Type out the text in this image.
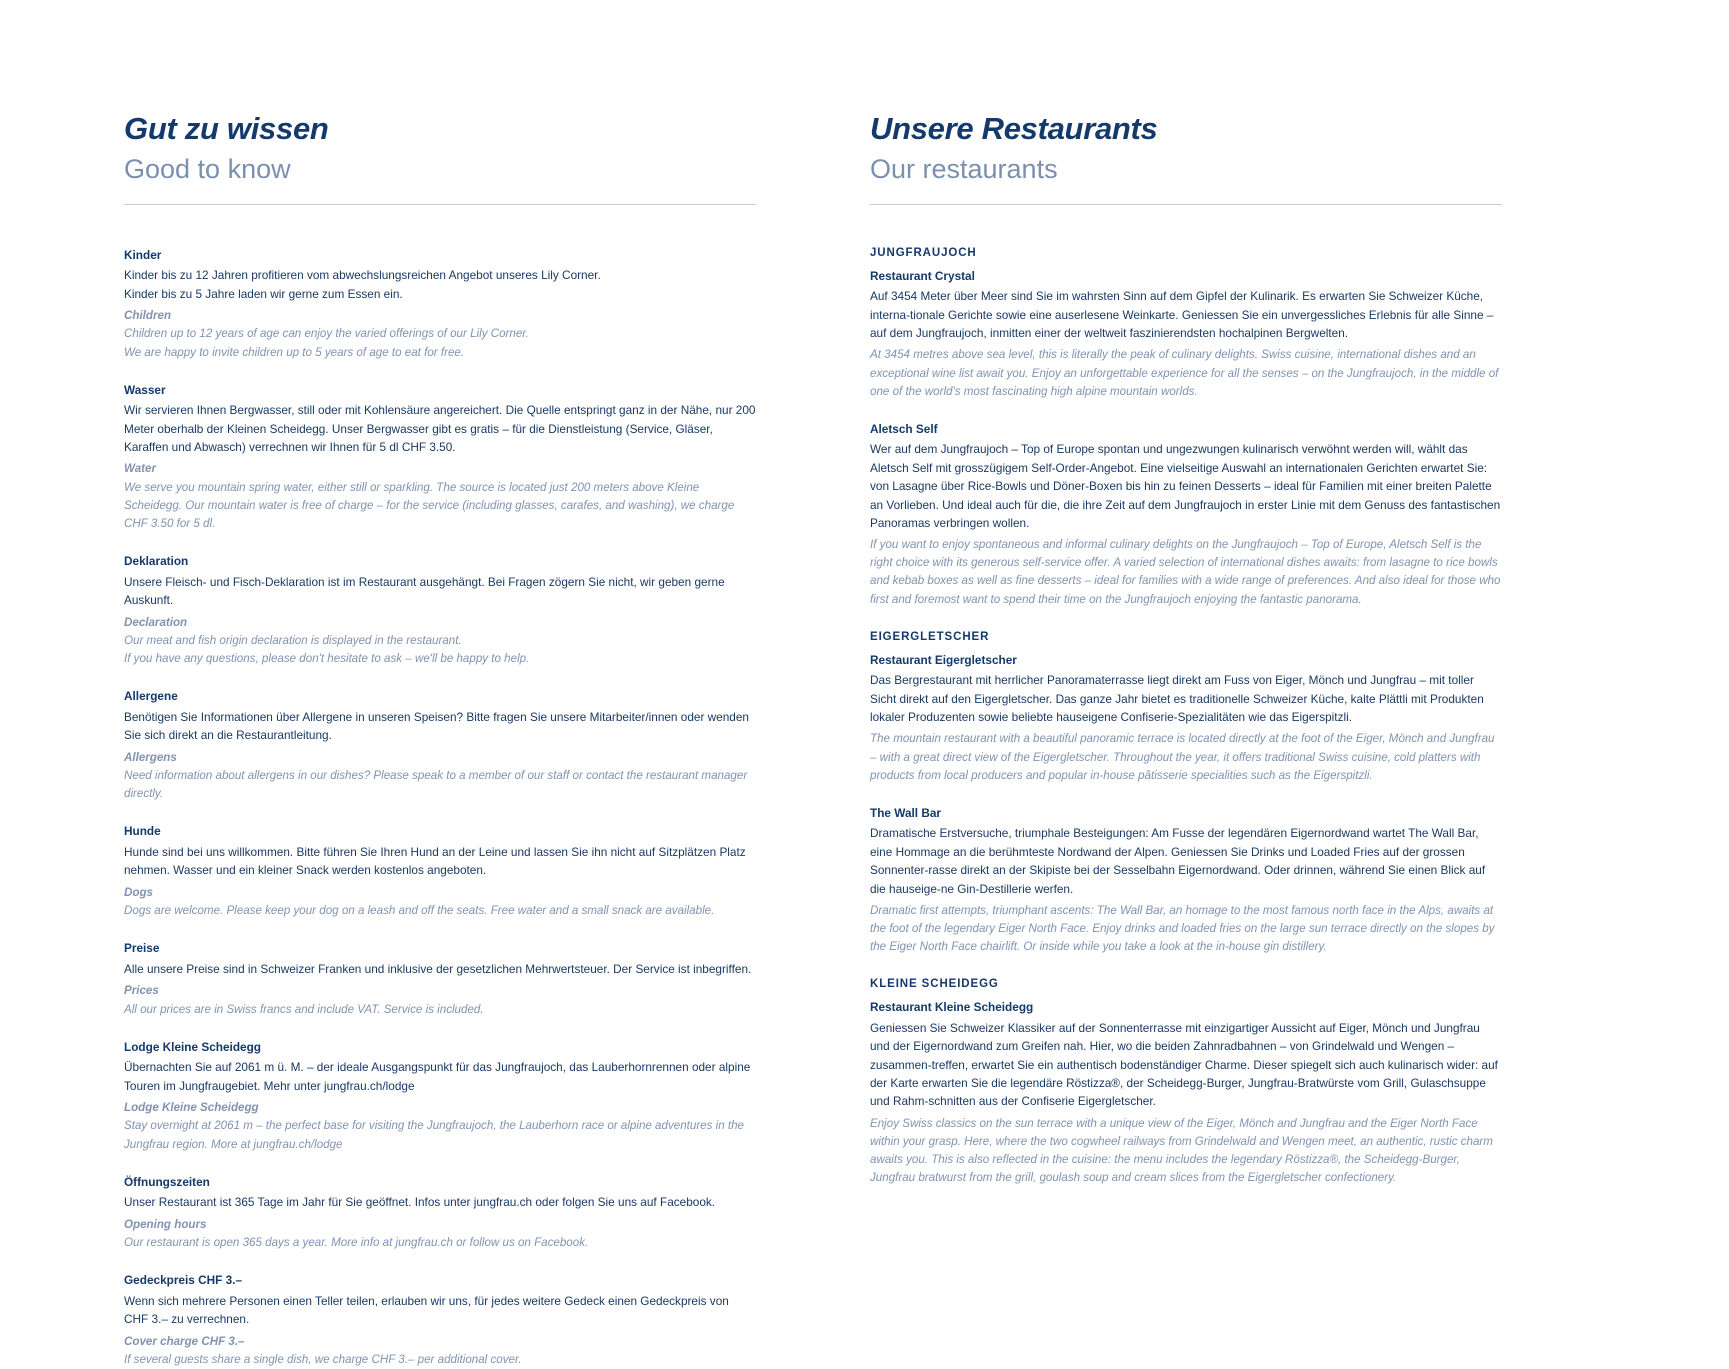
Gut zu wissen
Good to know
Kinder

Kinder bis zu 12 Jahren profitieren vom abwechslungsreichen Angebot unseres Lily Corner.

Kinder bis zu 5 Jahre laden wir gerne zum Essen ein.

Children

Children up to 12 years of age can enjoy the varied offerings of our Lily Corner.

We are happy to invite children up to 5 years of age to eat for free.

Wasser

Wir servieren Ihnen Bergwasser, still oder mit Kohlensäure angereichert. Die Quelle entspringt ganz in der Nähe, nur 200 Meter oberhalb der Kleinen Scheidegg. Unser Bergwasser gibt es gratis – für die Dienstleistung (Service, Gläser, Karaffen und Abwasch) verrechnen wir Ihnen für 5 dl CHF 3.50.

Water

We serve you mountain spring water, either still or sparkling. The source is located just 200 meters above Kleine Scheidegg. Our mountain water is free of charge – for the service (including glasses, carafes, and washing), we charge CHF 3.50 for 5 dl.

Deklaration

Unsere Fleisch- und Fisch-Deklaration ist im Restaurant ausgehängt. Bei Fragen zögern Sie nicht, wir geben gerne Auskunft.

Declaration

Our meat and fish origin declaration is displayed in the restaurant.

If you have any questions, please don't hesitate to ask – we'll be happy to help.

Allergene

Benötigen Sie Informationen über Allergene in unseren Speisen? Bitte fragen Sie unsere Mitarbeiter/innen oder wenden Sie sich direkt an die Restaurantleitung.

Allergens

Need information about allergens in our dishes? Please speak to a member of our staff or contact the restaurant manager directly.

Hunde

Hunde sind bei uns willkommen. Bitte führen Sie Ihren Hund an der Leine und lassen Sie ihn nicht auf Sitzplätzen Platz nehmen. Wasser und ein kleiner Snack werden kostenlos angeboten.

Dogs

Dogs are welcome. Please keep your dog on a leash and off the seats. Free water and a small snack are available.

Preise

Alle unsere Preise sind in Schweizer Franken und inklusive der gesetzlichen Mehrwertsteuer. Der Service ist inbegriffen.

Prices

All our prices are in Swiss francs and include VAT. Service is included.

Lodge Kleine Scheidegg

Übernachten Sie auf 2061 m ü. M. – der ideale Ausgangspunkt für das Jungfraujoch, das Lauberhornrennen oder alpine Touren im Jungfraugebiet. Mehr unter jungfrau.ch/lodge

Lodge Kleine Scheidegg

Stay overnight at 2061 m – the perfect base for visiting the Jungfraujoch, the Lauberhorn race or alpine adventures in the Jungfrau region. More at jungfrau.ch/lodge

Öffnungszeiten

Unser Restaurant ist 365 Tage im Jahr für Sie geöffnet. Infos unter jungfrau.ch oder folgen Sie uns auf Facebook.

Opening hours

Our restaurant is open 365 days a year. More info at jungfrau.ch or follow us on Facebook.

Gedeckpreis CHF 3.–

Wenn sich mehrere Personen einen Teller teilen, erlauben wir uns, für jedes weitere Gedeck einen Gedeckpreis von CHF 3.– zu verrechnen.

Cover charge CHF 3.–

If several guests share a single dish, we charge CHF 3.– per additional cover.

Unsere Restaurants
Our restaurants
JUNGFRAUJOCH
Restaurant Crystal

Auf 3454 Meter über Meer sind Sie im wahrsten Sinn auf dem Gipfel der Kulinarik. Es erwarten Sie Schweizer Küche, interna-tionale Gerichte sowie eine auserlesene Weinkarte. Geniessen Sie ein unvergessliches Erlebnis für alle Sinne – auf dem Jungfraujoch, inmitten einer der weltweit faszinierendsten hochalpinen Bergwelten.

At 3454 metres above sea level, this is literally the peak of culinary delights. Swiss cuisine, international dishes and an exceptional wine list await you. Enjoy an unforgettable experience for all the senses – on the Jungfraujoch, in the middle of one of the world's most fascinating high alpine mountain worlds.

Aletsch Self

Wer auf dem Jungfraujoch – Top of Europe spontan und ungezwungen kulinarisch verwöhnt werden will, wählt das Aletsch Self mit grosszügigem Self-Order-Angebot. Eine vielseitige Auswahl an internationalen Gerichten erwartet Sie: von Lasagne über Rice-Bowls und Döner-Boxen bis hin zu feinen Desserts – ideal für Familien mit einer breiten Palette an Vorlieben. Und ideal auch für die, die ihre Zeit auf dem Jungfraujoch in erster Linie mit dem Genuss des fantastischen Panoramas verbringen wollen.

If you want to enjoy spontaneous and informal culinary delights on the Jungfraujoch – Top of Europe, Aletsch Self is the right choice with its generous self-service offer. A varied selection of international dishes awaits: from lasagne to rice bowls and kebab boxes as well as fine desserts – ideal for families with a wide range of preferences. And also ideal for those who first and foremost want to spend their time on the Jungfraujoch enjoying the fantastic panorama.

EIGERGLETSCHER
Restaurant Eigergletscher

Das Bergrestaurant mit herrlicher Panoramaterrasse liegt direkt am Fuss von Eiger, Mönch und Jungfrau – mit toller Sicht direkt auf den Eigergletscher. Das ganze Jahr bietet es traditionelle Schweizer Küche, kalte Plättli mit Produkten lokaler Produzenten sowie beliebte hauseigene Confiserie-Spezialitäten wie das Eigerspitzli.

The mountain restaurant with a beautiful panoramic terrace is located directly at the foot of the Eiger, Mönch and Jungfrau – with a great direct view of the Eigergletscher. Throughout the year, it offers traditional Swiss cuisine, cold platters with products from local producers and popular in-house pâtisserie specialities such as the Eigerspitzli.

The Wall Bar

Dramatische Erstversuche, triumphale Besteigungen: Am Fusse der legendären Eigernordwand wartet The Wall Bar, eine Hommage an die berühmteste Nordwand der Alpen. Geniessen Sie Drinks und Loaded Fries auf der grossen Sonnenter-rasse direkt an der Skipiste bei der Sesselbahn Eigernordwand. Oder drinnen, während Sie einen Blick auf die hauseige-ne Gin-Destillerie werfen.

Dramatic first attempts, triumphant ascents: The Wall Bar, an homage to the most famous north face in the Alps, awaits at the foot of the legendary Eiger North Face. Enjoy drinks and loaded fries on the large sun terrace directly on the slopes by the Eiger North Face chairlift. Or inside while you take a look at the in-house gin distillery.

KLEINE SCHEIDEGG
Restaurant Kleine Scheidegg

Geniessen Sie Schweizer Klassiker auf der Sonnenterrasse mit einzigartiger Aussicht auf Eiger, Mönch und Jungfrau und der Eigernordwand zum Greifen nah. Hier, wo die beiden Zahnradbahnen – von Grindelwald und Wengen – zusammen-treffen, erwartet Sie ein authentisch bodenständiger Charme. Dieser spiegelt sich auch kulinarisch wider: auf der Karte erwarten Sie die legendäre Röstizza®, der Scheidegg-Burger, Jungfrau-Bratwürste vom Grill, Gulaschsuppe und Rahm-schnitten aus der Confiserie Eigergletscher.

Enjoy Swiss classics on the sun terrace with a unique view of the Eiger, Mönch and Jungfrau and the Eiger North Face within your grasp. Here, where the two cogwheel railways from Grindelwald and Wengen meet, an authentic, rustic charm awaits you. This is also reflected in the cuisine: the menu includes the legendary Röstizza®, the Scheidegg-Burger, Jungfrau bratwurst from the grill, goulash soup and cream slices from the Eigergletscher confectionery.
